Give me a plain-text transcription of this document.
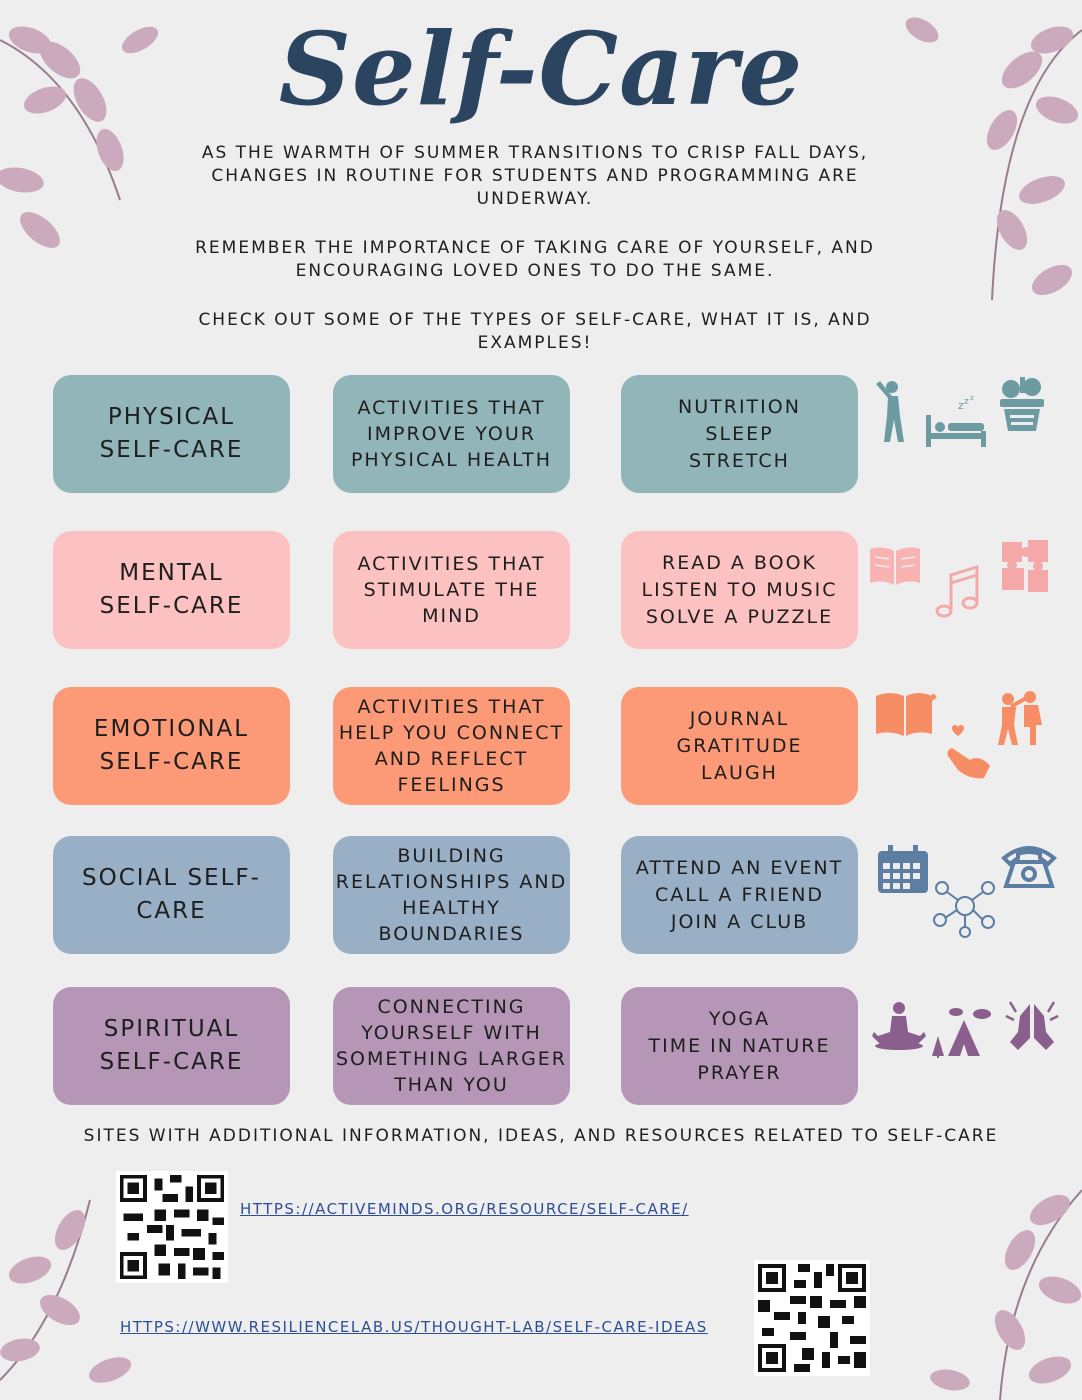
Self-Care

AS THE WARMTH OF SUMMER TRANSITIONS TO CRISP FALL DAYS, CHANGES IN ROUTINE FOR STUDENTS AND PROGRAMMING ARE UNDERWAY.

REMEMBER THE IMPORTANCE OF TAKING CARE OF YOURSELF, AND ENCOURAGING LOVED ONES TO DO THE SAME.

CHECK OUT SOME OF THE TYPES OF SELF-CARE, WHAT IT IS, AND EXAMPLES!

PHYSICAL SELF-CARE
ACTIVITIES THAT IMPROVE YOUR PHYSICAL HEALTH
NUTRITION
SLEEP
STRETCH
z z z
MENTAL SELF-CARE
ACTIVITIES THAT STIMULATE THE MIND
READ A BOOK
LISTEN TO MUSIC
SOLVE A PUZZLE
EMOTIONAL SELF-CARE
ACTIVITIES THAT HELP YOU CONNECT AND REFLECT FEELINGS
JOURNAL
GRATITUDE
LAUGH
SOCIAL SELF-CARE
BUILDING RELATIONSHIPS AND HEALTHY BOUNDARIES
ATTEND AN EVENT
CALL A FRIEND
JOIN A CLUB
SPIRITUAL SELF-CARE
CONNECTING YOURSELF WITH SOMETHING LARGER THAN YOU
YOGA
TIME IN NATURE
PRAYER
SITES WITH ADDITIONAL INFORMATION, IDEAS, AND RESOURCES RELATED TO SELF-CARE
HTTPS://ACTIVEMINDS.ORG/RESOURCE/SELF-CARE/
HTTPS://WWW.RESILIENCELAB.US/THOUGHT-LAB/SELF-CARE-IDEAS
